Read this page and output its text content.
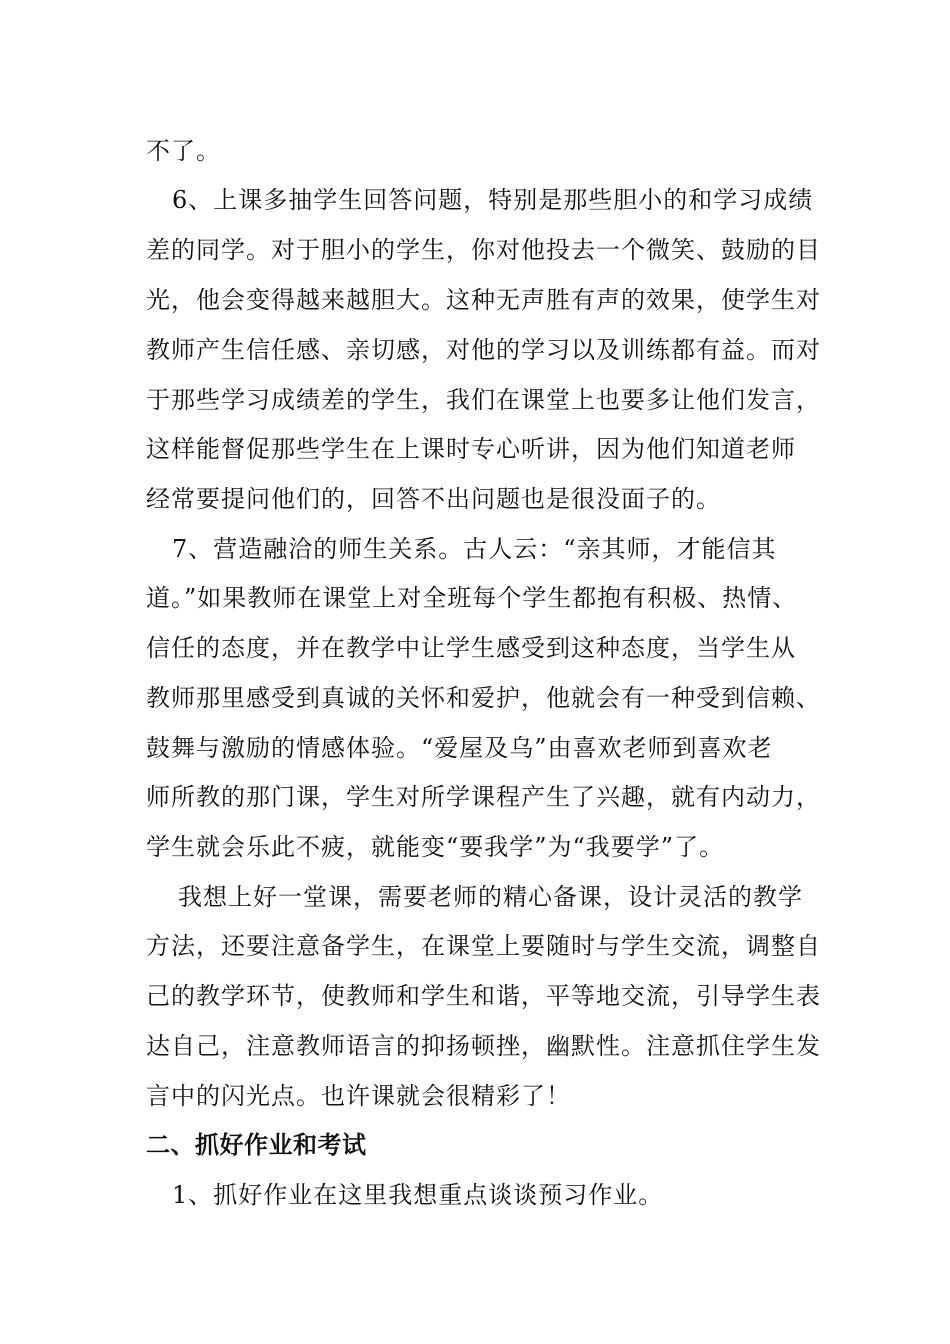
不了。
6、上课多抽学生回答问题，特别是那些胆小的和学习成绩
差的同学。对于胆小的学生，你对他投去一个微笑、鼓励的目
光，他会变得越来越胆大。这种无声胜有声的效果，使学生对
教师产生信任感、亲切感，对他的学习以及训练都有益。而对
于那些学习成绩差的学生，我们在课堂上也要多让他们发言，
这样能督促那些学生在上课时专心听讲，因为他们知道老师
经常要提问他们的，回答不出问题也是很没面子的。
7、营造融洽的师生关系。古人云：“亲其师，才能信其
道。”如果教师在课堂上对全班每个学生都抱有积极、热情、
信任的态度，并在教学中让学生感受到这种态度，当学生从
教师那里感受到真诚的关怀和爱护，他就会有一种受到信赖、
鼓舞与激励的情感体验。“爱屋及乌”由喜欢老师到喜欢老
师所教的那门课，学生对所学课程产生了兴趣，就有内动力，
学生就会乐此不疲，就能变“要我学”为“我要学”了。
我想上好一堂课，需要老师的精心备课，设计灵活的教学
方法，还要注意备学生，在课堂上要随时与学生交流，调整自
己的教学环节，使教师和学生和谐，平等地交流，引导学生表
达自己，注意教师语言的抑扬顿挫，幽默性。注意抓住学生发
言中的闪光点。也许课就会很精彩了！
二、抓好作业和考试
1、抓好作业在这里我想重点谈谈预习作业。
